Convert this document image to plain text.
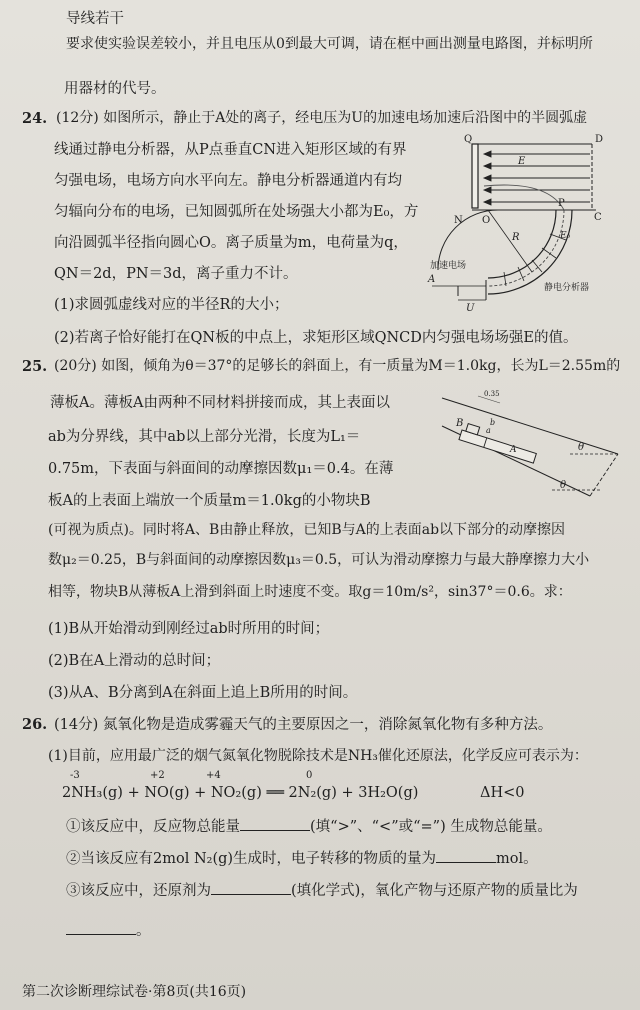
导线若干
要求使实验误差较小，并且电压从0到最大可调，请在框中画出测量电路图，并标明所
用器材的代号。
24. (12分) 如图所示，静止于A处的离子，经电压为U的加速电场加速后沿图中的半圆弧虚
线通过静电分析器，从P点垂直CN进入矩形区域的有界
匀强电场，电场方向水平向左。静电分析器通道内有均
匀辐向分布的电场，已知圆弧所在处场强大小都为E₀，方
向沿圆弧半径指向圆心O。离子质量为m，电荷量为q，
QN＝2d，PN＝3d，离子重力不计。
(1)求圆弧虚线对应的半径R的大小；
(2)若离子恰好能打在QN板的中点上，求矩形区域QNCD内匀强电场场强E的值。
Q	D
E
N O
P
C
R	E₀
A
U
加速电场
静电分析器
25. (20分) 如图，倾角为θ＝37°的足够长的斜面上，有一质量为M＝1.0kg，长为L＝2.55m的
薄板A。薄板A由两种不同材料拼接而成，其上表面以
ab为分界线，其中ab以上部分光滑，长度为L₁＝
0.75m，下表面与斜面间的动摩擦因数μ₁＝0.4。在薄
板A的上表面上端放一个质量m＝1.0kg的小物块B
(可视为质点)。同时将A、B由静止释放，已知B与A的上表面ab以下部分的动摩擦因
数μ₂＝0.25，B与斜面间的动摩擦因数μ₃＝0.5，可认为滑动摩擦力与最大静摩擦力大小
相等，物块B从薄板A上滑到斜面上时速度不变。取g＝10m/s²，sin37°＝0.6。求：
(1)B从开始滑动到刚经过ab时所用的时间；
(2)B在A上滑动的总时间；
(3)从A、B分离到A在斜面上追上B所用的时间。
0.35
B
A
a
b
θ
θ
26. (14分) 氮氧化物是造成雾霾天气的主要原因之一，消除氮氧化物有多种方法。
(1)目前，应用最广泛的烟气氮氧化物脱除技术是NH₃催化还原法，化学反应可表示为：
-3	+2	+4	0
2NH₃(g) + NO(g) + NO₂(g) ══ 2N₂(g) + 3H₂O(g)	ΔH<0
①该反应中，反应物总能量	(填“>”、“<”或“=”) 生成物总能量。
②当该反应有2mol N₂(g)生成时，电子转移的物质的量为	mol。
③该反应中，还原剂为	(填化学式)，氧化产物与还原产物的质量比为
。
第二次诊断理综试卷·第8页(共16页)
